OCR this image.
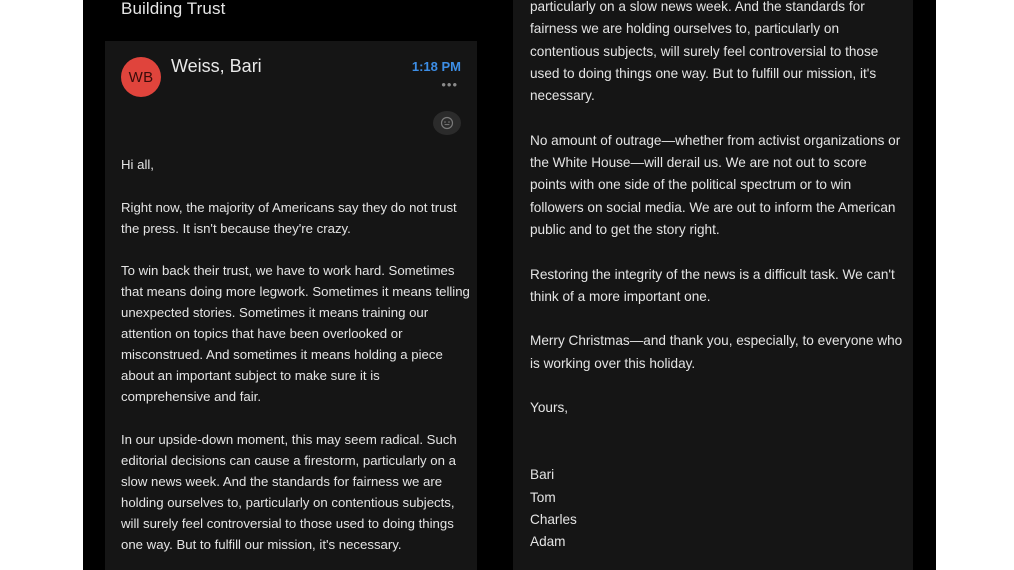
Building Trust
WB
Weiss, Bari	1:18 PM
•••

Hi all,

Right now, the majority of Americans say they do not trust the press. It isn't because they're crazy.

To win back their trust, we have to work hard. Sometimes that means doing more legwork. Sometimes it means telling unexpected stories. Sometimes it means training our attention on topics that have been overlooked or misconstrued. And sometimes it means holding a piece about an important subject to make sure it is comprehensive and fair.

In our upside-down moment, this may seem radical. Such editorial decisions can cause a firestorm, particularly on a slow news week. And the standards for fairness we are holding ourselves to, particularly on contentious subjects, will surely feel controversial to those used to doing things one way. But to fulfill our mission, it's necessary.

particularly on a slow news week. And the standards for fairness we are holding ourselves to, particularly on contentious subjects, will surely feel controversial to those used to doing things one way. But to fulfill our mission, it's necessary.

No amount of outrage—whether from activist organizations or the White House—will derail us. We are not out to score points with one side of the political spectrum or to win followers on social media. We are out to inform the American public and to get the story right.

Restoring the integrity of the news is a difficult task. We can't think of a more important one.

Merry Christmas—and thank you, especially, to everyone who is working over this holiday.

Yours,

Bari
Tom
Charles
Adam
